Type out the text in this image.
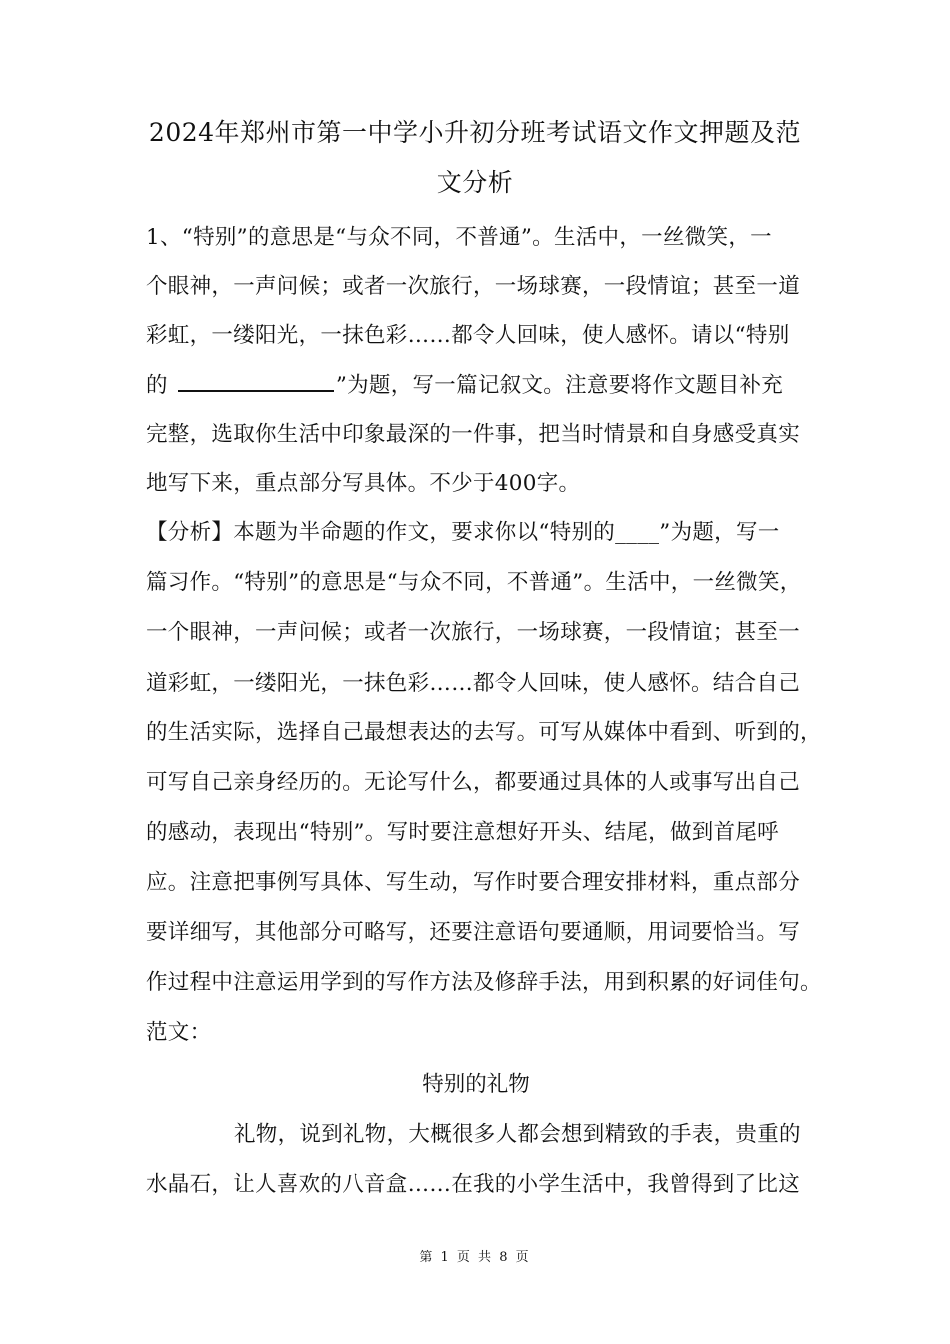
2024年郑州市第一中学小升初分班考试语文作文押题及范
文分析
1、“特别”的意思是“与众不同，不普通”。生活中，一丝微笑，一
个眼神，一声问候；或者一次旅行，一场球赛，一段情谊；甚至一道
彩虹，一缕阳光，一抹色彩……都令人回味，使人感怀。请以“特别
的	”为题，写一篇记叙文。注意要将作文题目补充
完整，选取你生活中印象最深的一件事，把当时情景和自身感受真实
地写下来，重点部分写具体。不少于400字。
【分析】本题为半命题的作文，要求你以“特别的____”为题，写一
篇习作。“特别”的意思是“与众不同，不普通”。生活中，一丝微笑，
一个眼神，一声问候；或者一次旅行，一场球赛，一段情谊；甚至一
道彩虹，一缕阳光，一抹色彩……都令人回味，使人感怀。结合自己
的生活实际，选择自己最想表达的去写。可写从媒体中看到、听到的，
可写自己亲身经历的。无论写什么，都要通过具体的人或事写出自己
的感动，表现出“特别”。写时要注意想好开头、结尾，做到首尾呼
应。注意把事例写具体、写生动，写作时要合理安排材料，重点部分
要详细写，其他部分可略写，还要注意语句要通顺，用词要恰当。写
作过程中注意运用学到的写作方法及修辞手法，用到积累的好词佳句。
范文：
特别的礼物
礼物，说到礼物，大概很多人都会想到精致的手表，贵重的
水晶石，让人喜欢的八音盒……在我的小学生活中，我曾得到了比这
第 1 页 共 8 页
